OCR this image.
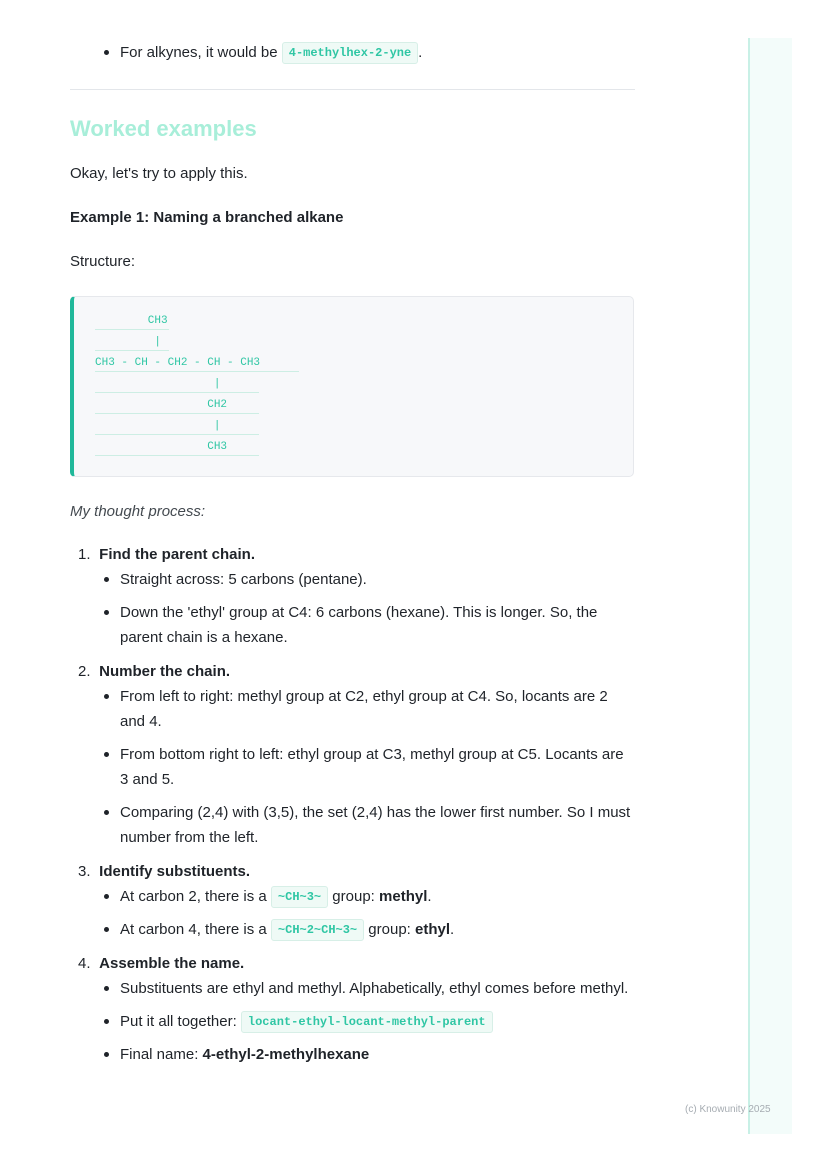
For alkynes, it would be 4-methylhex-2-yne .
Worked examples
Okay, let's try to apply this.
Example 1: Naming a branched alkane
Structure:
CH3
|
CH3 - CH - CH2 - CH - CH3
|
CH2
|
CH3
My thought process:
1. Find the parent chain.
Straight across: 5 carbons (pentane).
Down the 'ethyl' group at C4: 6 carbons (hexane). This is longer. So, the parent chain is a hexane.
2. Number the chain.
From left to right: methyl group at C2, ethyl group at C4. So, locants are 2 and 4.
From bottom right to left: ethyl group at C3, methyl group at C5. Locants are 3 and 5.
Comparing (2,4) with (3,5), the set (2,4) has the lower first number. So I must number from the left.
3. Identify substituents.
At carbon 2, there is a ~CH~3~ group: methyl.
At carbon 4, there is a ~CH~2~CH~3~ group: ethyl.
4. Assemble the name.
Substituents are ethyl and methyl. Alphabetically, ethyl comes before methyl.
Put it all together: locant-ethyl-locant-methyl-parent
Final name: 4-ethyl-2-methylhexane
(c) Knowunity 2025
